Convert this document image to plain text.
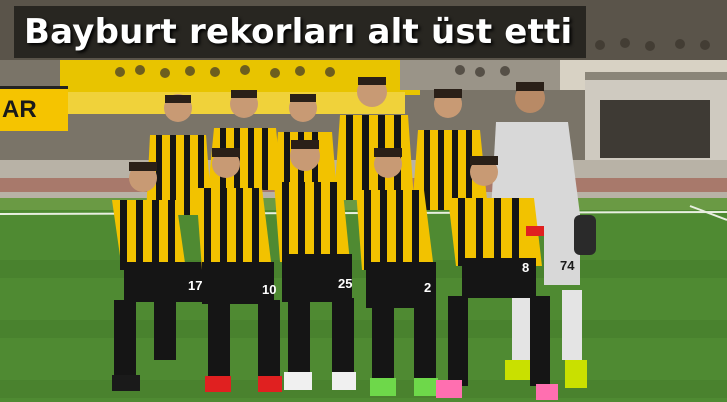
17	10	25	2
8 74
AR
Bayburt rekorları alt üst etti
